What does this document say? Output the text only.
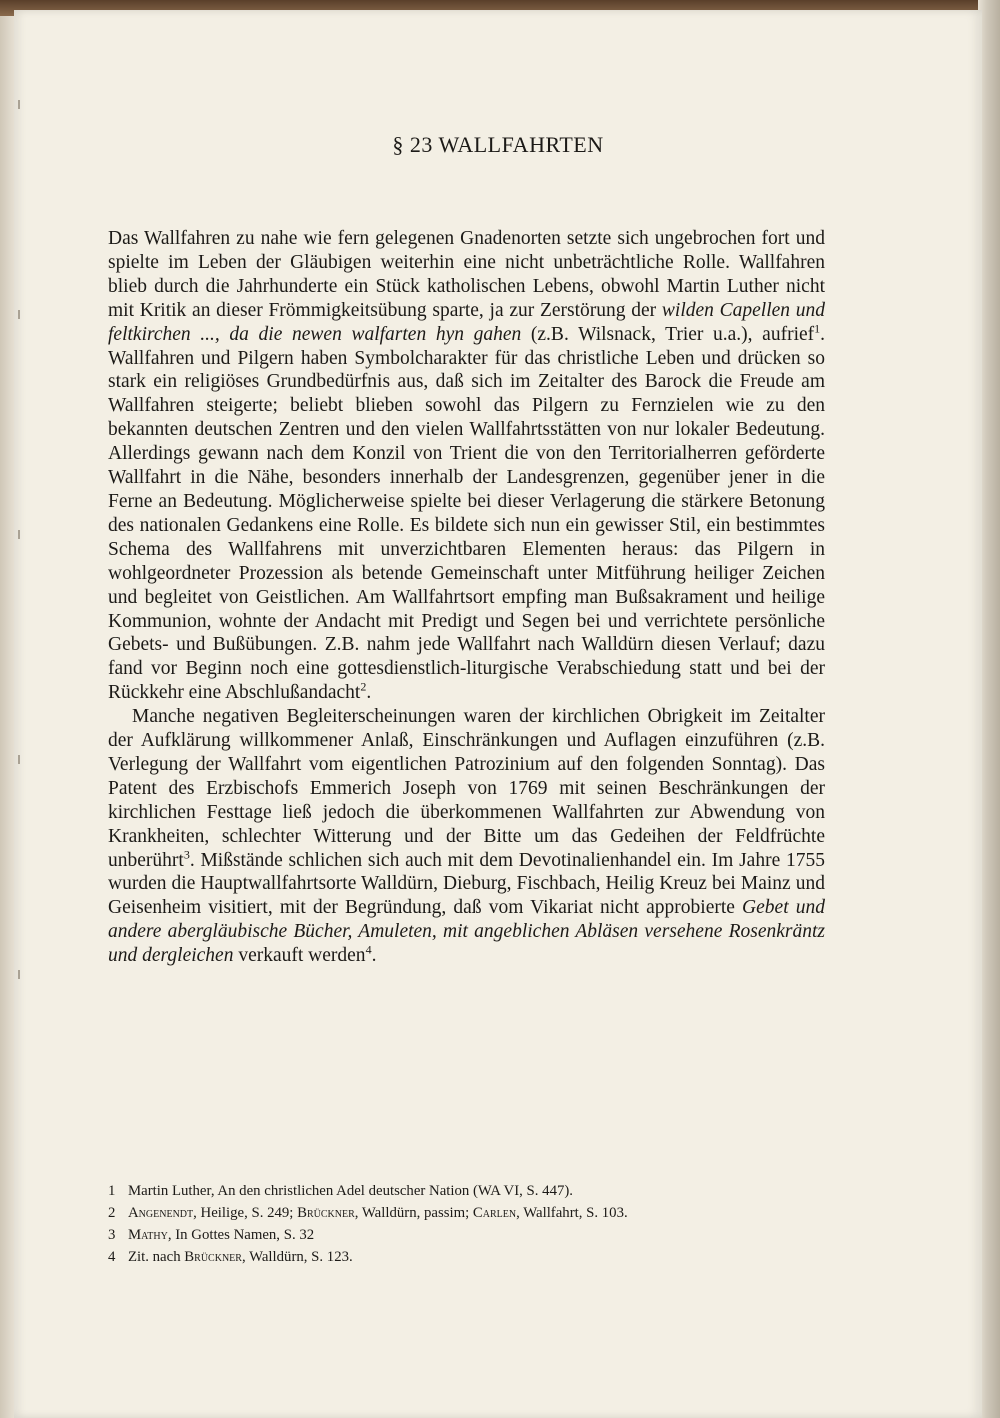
§ 23 WALLFAHRTEN

Das Wallfahren zu nahe wie fern gelegenen Gnadenorten setzte sich ungebrochen fort und spielte im Leben der Gläubigen weiterhin eine nicht unbeträchtliche Rolle. Wallfahren blieb durch die Jahrhunderte ein Stück katholischen Lebens, obwohl Martin Luther nicht mit Kritik an dieser Frömmigkeitsübung sparte, ja zur Zerstörung der wilden Capellen und feltkirchen ..., da die newen walfarten hyn gahen (z.B. Wilsnack, Trier u.a.), aufrief$^1$. Wallfahren und Pilgern haben Symbolcharakter für das christliche Leben und drücken so stark ein religiöses Grundbedürfnis aus, daß sich im Zeitalter des Barock die Freude am Wallfahren steigerte; beliebt blieben sowohl das Pilgern zu Fernzielen wie zu den bekannten deutschen Zentren und den vielen Wallfahrtsstätten von nur lokaler Bedeutung. Allerdings gewann nach dem Konzil von Trient die von den Territorialherren geförderte Wallfahrt in die Nähe, besonders innerhalb der Landesgrenzen, gegenüber jener in die Ferne an Bedeutung. Möglicherweise spielte bei dieser Verlagerung die stärkere Betonung des nationalen Gedankens eine Rolle. Es bildete sich nun ein gewisser Stil, ein bestimmtes Schema des Wallfahrens mit unverzichtbaren Elementen heraus: das Pilgern in wohlgeordneter Prozession als betende Gemeinschaft unter Mitführung heiliger Zeichen und begleitet von Geistlichen. Am Wallfahrtsort empfing man Bußsakrament und heilige Kommunion, wohnte der Andacht mit Predigt und Segen bei und verrichtete persönliche Gebets- und Bußübungen. Z.B. nahm jede Wallfahrt nach Walldürn diesen Verlauf; dazu fand vor Beginn noch eine gottesdienstlich-liturgische Verabschiedung statt und bei der Rückkehr eine Abschlußandacht$^2$.

Manche negativen Begleiterscheinungen waren der kirchlichen Obrigkeit im Zeitalter der Aufklärung willkommener Anlaß, Einschränkungen und Auflagen einzuführen (z.B. Verlegung der Wallfahrt vom eigentlichen Patrozinium auf den folgenden Sonntag). Das Patent des Erzbischofs Emmerich Joseph von 1769 mit seinen Beschränkungen der kirchlichen Festtage ließ jedoch die überkommenen Wallfahrten zur Abwendung von Krankheiten, schlechter Witterung und der Bitte um das Gedeihen der Feldfrüchte unberührt$^3$. Mißstände schlichen sich auch mit dem Devotinalienhandel ein. Im Jahre 1755 wurden die Hauptwallfahrtsorte Walldürn, Dieburg, Fischbach, Heilig Kreuz bei Mainz und Geisenheim visitiert, mit der Begründung, daß vom Vikariat nicht approbierte Gebet und andere abergläubische Bücher, Amuleten, mit angeblichen Abläsen versehene Rosenkräntz und dergleichen verkauft werden$^4$.

1 Martin Luther, An den christlichen Adel deutscher Nation (WA VI, S. 447).
2 Angenendt, Heilige, S. 249; Brückner, Walldürn, passim; Carlen, Wallfahrt, S. 103.
3 Mathy, In Gottes Namen, S. 32
4 Zit. nach Brückner, Walldürn, S. 123.
